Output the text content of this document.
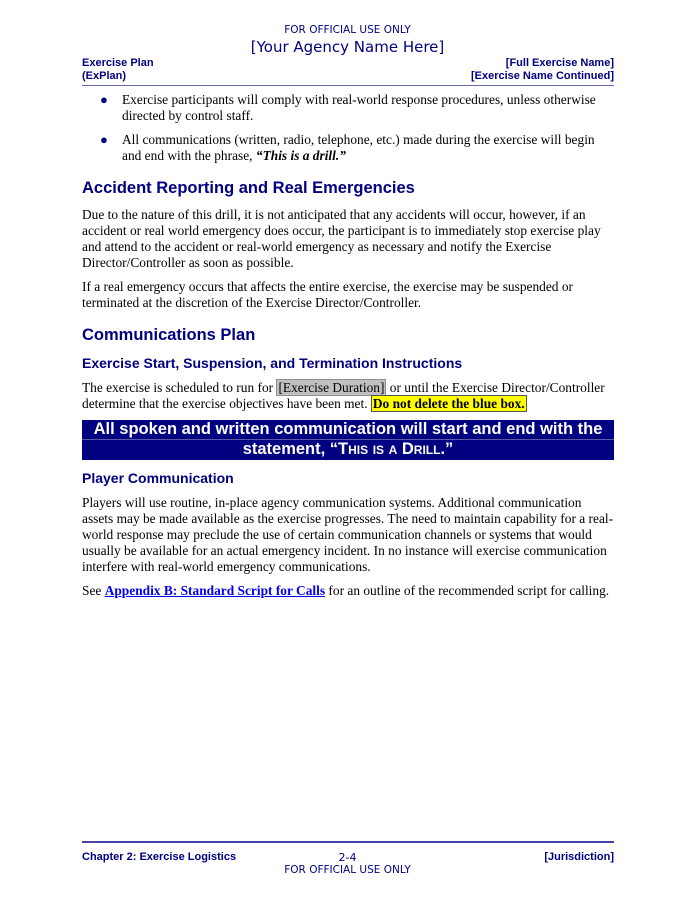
FOR OFFICIAL USE ONLY
[Your Agency Name Here]
Exercise Plan
(ExPlan)
[Full Exercise Name]
[Exercise Name Continued]
● Exercise participants will comply with real-world response procedures, unless otherwise directed by control staff.
● All communications (written, radio, telephone, etc.) made during the exercise will begin and end with the phrase, “This is a drill.”
Accident Reporting and Real Emergencies

Due to the nature of this drill, it is not anticipated that any accidents will occur, however, if an accident or real world emergency does occur, the participant is to immediately stop exercise play and attend to the accident or real-world emergency as necessary and notify the Exercise Director/Controller as soon as possible.

If a real emergency occurs that affects the entire exercise, the exercise may be suspended or terminated at the discretion of the Exercise Director/Controller.

Communications Plan
Exercise Start, Suspension, and Termination Instructions

The exercise is scheduled to run for [Exercise Duration] or until the Exercise Director/Controller determine that the exercise objectives have been met. Do not delete the blue box.

All spoken and written communication will start and end with the
statement, “This is a Drill.”
Player Communication

Players will use routine, in-place agency communication systems. Additional communication assets may be made available as the exercise progresses. The need to maintain capability for a real-world response may preclude the use of certain communication channels or systems that would usually be available for an actual emergency incident. In no instance will exercise communication interfere with real-world emergency communications.

See Appendix B: Standard Script for Calls for an outline of the recommended script for calling.

Chapter 2: Exercise Logistics	2-4	[Jurisdiction]
FOR OFFICIAL USE ONLY
